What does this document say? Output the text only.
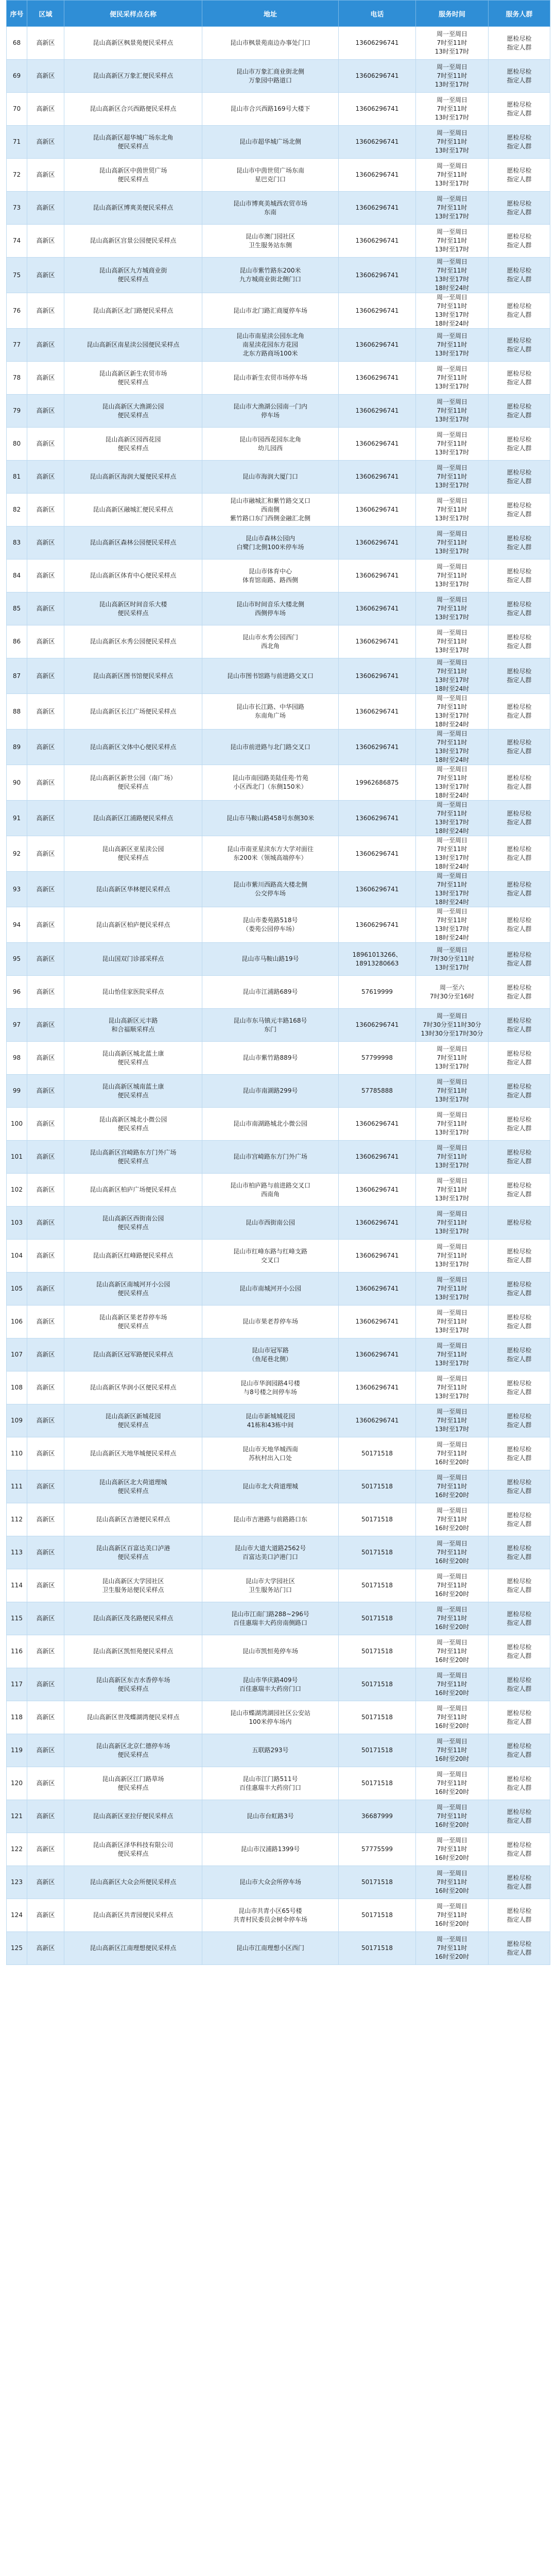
序号	区域	便民采样点名称	地址	电话	服务时间	服务人群
68	高新区	昆山高新区枫景苑便民采样点	昆山市枫景苑南边办事处门口	13606296741	周一至周日
7时至11时
13时至17时	愿检尽检
指定人群
69	高新区	昆山高新区万象汇便民采样点	昆山市万象汇商业街北侧
万象园中路道口	13606296741	周一至周日
7时至11时
13时至17时	愿检尽检
指定人群
70	高新区	昆山高新区合兴西路便民采样点	昆山市合兴西路169号大楼下	13606296741	周一至周日
7时至11时
13时至17时	愿检尽检
指定人群
71	高新区	昆山高新区超华城广场东北角
便民采样点	昆山市超华城广场北侧	13606296741	周一至周日
7时至11时
13时至17时	愿检尽检
指定人群
72	高新区	昆山高新区中茵世贸广场
便民采样点	昆山市中茵世贸广场东南
星巴克门口	13606296741	周一至周日
7时至11时
13时至17时	愿检尽检
指定人群
73	高新区	昆山高新区博爽美便民采样点	昆山市博爽美城西农贸市场
东南	13606296741	周一至周日
7时至11时
13时至17时	愿检尽检
指定人群
74	高新区	昆山高新区宫景公园便民采样点	昆山市澳门园社区
卫生服务站东侧	13606296741	周一至周日
7时至11时
13时至17时	愿检尽检
指定人群
75	高新区	昆山高新区九方城商业街
便民采样点	昆山市紫竹路东200米
九方城商业街北侧门口	13606296741	周一至周日
7时至11时
13时至17时
18时至24时	愿检尽检
指定人群
76	高新区	昆山高新区北门路便民采样点	昆山市北门路汇商厦停车场	13606296741	周一至周日
7时至11时
13时至17时
18时至24时	愿检尽检
指定人群
77	高新区	昆山高新区南星渎公园便民采样点	昆山市南星渎公园东北角
南星渎花园东方花园
北东方路商场100米	13606296741	周一至周日
7时至11时
13时至17时	愿检尽检
指定人群
78	高新区	昆山高新区新生农贸市场
便民采样点	昆山市新生农贸市场停车场	13606296741	周一至周日
7时至11时
13时至17时	愿检尽检
指定人群
79	高新区	昆山高新区大渔湖公园
便民采样点	昆山市大渔湖公园南一门内
停车场	13606296741	周一至周日
7时至11时
13时至17时	愿检尽检
指定人群
80	高新区	昆山高新区园西花园
便民采样点	昆山市园西花园东北角
幼儿园西	13606296741	周一至周日
7时至11时
13时至17时	愿检尽检
指定人群
81	高新区	昆山高新区海润大厦便民采样点	昆山市海润大厦门口	13606296741	周一至周日
7时至11时
13时至17时	愿检尽检
指定人群
82	高新区	昆山高新区融城汇便民采样点	昆山市融城汇和紫竹路交叉口
西南侧
紫竹路口东门西侧金融汇北侧	13606296741	周一至周日
7时至11时
13时至17时	愿检尽检
指定人群
83	高新区	昆山高新区森林公园便民采样点	昆山市森林公园内
白鹭门北侧100米停车场	13606296741	周一至周日
7时至11时
13时至17时	愿检尽检
指定人群
84	高新区	昆山高新区体育中心便民采样点	昆山市体育中心
体育馆南路、路西侧	13606296741	周一至周日
7时至11时
13时至17时	愿检尽检
指定人群
85	高新区	昆山高新区时间音乐大楼
便民采样点	昆山市时间音乐大楼北侧
西侧停车场	13606296741	周一至周日
7时至11时
13时至17时	愿检尽检
指定人群
86	高新区	昆山高新区水秀公园便民采样点	昆山市水秀公园西门
西北角	13606296741	周一至周日
7时至11时
13时至17时	愿检尽检
指定人群
87	高新区	昆山高新区图书馆便民采样点	昆山市图书馆路与前进路交叉口	13606296741	周一至周日
7时至11时
13时至17时
18时至24时	愿检尽检
指定人群
88	高新区	昆山高新区长江广场便民采样点	昆山市长江路、中华园路
东南角广场	13606296741	周一至周日
7时至11时
13时至17时
18时至24时	愿检尽检
指定人群
89	高新区	昆山高新区文体中心便民采样点	昆山市前进路与北门路交叉口	13606296741	周一至周日
7时至11时
13时至17时
18时至24时	愿检尽检
指定人群
90	高新区	昆山高新区新世公园（南广场）
便民采样点	昆山市南园路美陆佳苑·竹苑
小区西北门（东侧150米）	19962686875	周一至周日
7时至11时
13时至17时
18时至24时	愿检尽检
指定人群
91	高新区	昆山高新区江浦路便民采样点	昆山市马鞍山路458号东侧30米	13606296741	周一至周日
7时至11时
13时至17时
18时至24时	愿检尽检
指定人群
92	高新区	昆山高新区亚星渎公园
便民采样点	昆山市南亚星渎东方大学对面往
东200米（领城高端停车）	13606296741	周一至周日
7时至11时
13时至17时
18时至24时	愿检尽检
指定人群
93	高新区	昆山高新区华林便民采样点	昆山市紫川西路高大楼北侧
公交停车场	13606296741	周一至周日
7时至11时
13时至17时
18时至24时	愿检尽检
指定人群
94	高新区	昆山高新区柏庐便民采样点	昆山市娄苑路518号
（娄苑公园停车场）	13606296741	周一至周日
7时至11时
13时至17时
18时至24时	愿检尽检
指定人群
95	高新区	昆山国双门诊部采样点	昆山市马鞍山路19号	18961013266、
18913280663	周一至周日
7时30分至11时
13时至17时	愿检尽检
指定人群
96	高新区	昆山怡佳家医院采样点	昆山市江浦路689号	57619999	周一至六
7时30分至16时	愿检尽检
指定人群
97	高新区	昆山高新区元丰路
和合福顺采样点	昆山市东马镇元丰路168号
东门	13606296741	周一至周日
7时30分至11时30分
13时30分至17时30分	愿检尽检
指定人群
98	高新区	昆山高新区城北蓝土康
便民采样点	昆山市紫竹路889号	57799998	周一至周日
7时至11时
13时至17时	愿检尽检
指定人群
99	高新区	昆山高新区城南蓝土康
便民采样点	昆山市南湖路299号	57785888	周一至周日
7时至11时
13时至17时	愿检尽检
指定人群
100	高新区	昆山高新区城北小微公园
便民采样点	昆山市南湖路城北小微公园	13606296741	周一至周日
7时至11时
13时至17时	愿检尽检
指定人群
101	高新区	昆山高新区宫崎路东方门外广场
便民采样点	昆山市宫崎路东方门外广场	13606296741	周一至周日
7时至11时
13时至17时	愿检尽检
指定人群
102	高新区	昆山高新区柏庐广场便民采样点	昆山市柏庐路与前进路交叉口
西南角	13606296741	周一至周日
7时至11时
13时至17时	愿检尽检
指定人群
103	高新区	昆山高新区西街南公园
便民采样点	昆山市西街南公园	13606296741	周一至周日
7时至11时
13时至17时	愿检尽检
104	高新区	昆山高新区红峰路便民采样点	昆山市红峰东路与红峰支路
交叉口	13606296741	周一至周日
7时至11时
13时至17时	愿检尽检
指定人群
105	高新区	昆山高新区南城河开小公园
便民采样点	昆山市南城河开小公园	13606296741	周一至周日
7时至11时
13时至17时	愿检尽检
指定人群
106	高新区	昆山高新区果老荐停车场
便民采样点	昆山市果老荐停车场	13606296741	周一至周日
7时至11时
13时至17时	愿检尽检
指定人群
107	高新区	昆山高新区冠军路便民采样点	昆山市冠军路
（鱼尾巷北侧）	13606296741	周一至周日
7时至11时
13时至17时	愿检尽检
指定人群
108	高新区	昆山高新区华润小区便民采样点	昆山市华润园路4号楼
与8号楼之间停车场	13606296741	周一至周日
7时至11时
13时至17时	愿检尽检
指定人群
109	高新区	昆山高新区新城花园
便民采样点	昆山市新城城花园
41栋和43栋中间	13606296741	周一至周日
7时至11时
13时至17时	愿检尽检
指定人群
110	高新区	昆山高新区天地华城便民采样点	昆山市天地华城西南
苏杭村出入口处	50171518	周一至周日
7时至11时
16时至20时	愿检尽检
指定人群
111	高新区	昆山高新区北大荷道理城
便民采样点	昆山市北大荷道理城	50171518	周一至周日
7时至11时
16时至20时	愿检尽检
指定人群
112	高新区	昆山高新区吉港便民采样点	昆山市吉港路与前路路口东	50171518	周一至周日
7时至11时
16时至20时	愿检尽检
指定人群
113	高新区	昆山高新区百富达美口泸港
便民采样点	昆山市大道大道路2562号
百富达美口泸港门口	50171518	周一至周日
7时至11时
16时至20时	愿检尽检
指定人群
114	高新区	昆山高新区大学园社区
卫生服务站便民采样点	昆山市大学园社区
卫生服务站门口	50171518	周一至周日
7时至11时
16时至20时	愿检尽检
指定人群
115	高新区	昆山高新区茂名路便民采样点	昆山市江南门路288~296号
百佳惠瑞丰大药房南侧路口	50171518	周一至周日
7时至11时
16时至20时	愿检尽检
指定人群
116	高新区	昆山高新区凯恒苑便民采样点	昆山市凯恒苑停车场	50171518	周一至周日
7时至11时
16时至20时	愿检尽检
指定人群
117	高新区	昆山高新区东吉水香停车场
便民采样点	昆山市华庆路409号
百佳惠瑞丰大药房门口	50171518	周一至周日
7时至11时
16时至20时	愿检尽检
指定人群
118	高新区	昆山高新区世茂蝶湖湾便民采样点	昆山市蝶湖湾湖园社区公安站
100米停车场内	50171518	周一至周日
7时至11时
16时至20时	愿检尽检
指定人群
119	高新区	昆山高新区北京仁德停车场
便民采样点	五联路293号	50171518	周一至周日
7时至11时
16时至20时	愿检尽检
指定人群
120	高新区	昆山高新区江门路草场
便民采样点	昆山市江门路511号
百佳惠瑞丰大药房门口	50171518	周一至周日
7时至11时
16时至20时	愿检尽检
指定人群
121	高新区	昆山高新区亚拉仔便民采样点	昆山市台虹路3号	36687999	周一至周日
7时至11时
16时至20时	愿检尽检
指定人群
122	高新区	昆山高新区泽华科技有限公司
便民采样点	昆山市汉浦路1399号	57775599	周一至周日
7时至11时
16时至20时	愿检尽检
指定人群
123	高新区	昆山高新区大众会所便民采样点	昆山市大众会所停车场	50171518	周一至周日
7时至11时
16时至20时	愿检尽检
指定人群
124	高新区	昆山高新区共青园便民采样点	昆山市共青小区65号楼
共青村民委员会树伞停车场	50171518	周一至周日
7时至11时
16时至20时	愿检尽检
指定人群
125	高新区	昆山高新区江南理想便民采样点	昆山市江南理想小区西门	50171518	周一至周日
7时至11时
16时至20时	愿检尽检
指定人群
